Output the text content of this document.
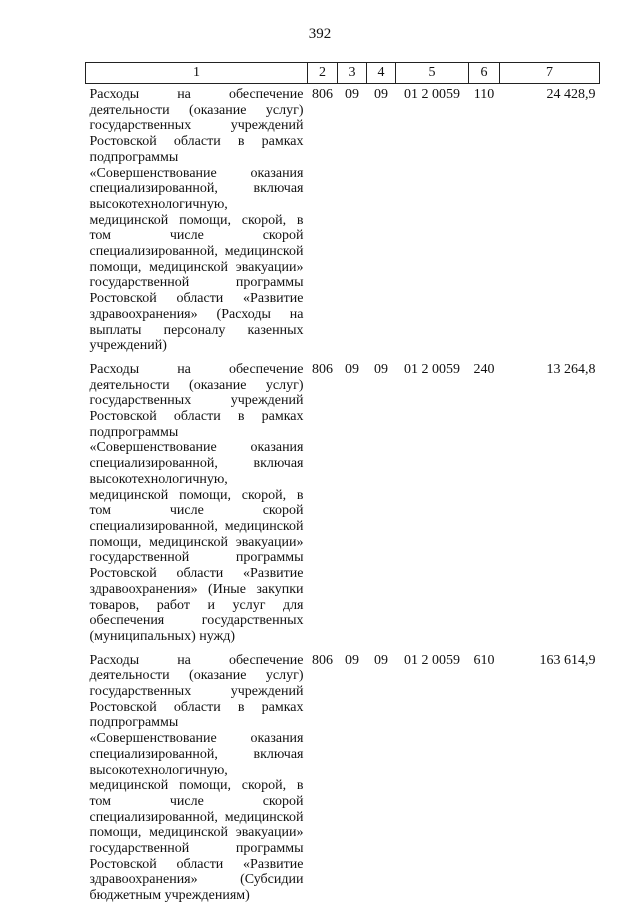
392
1	2	3	4	5	6	7
Расходы на обеспечение деятельности (оказание услуг) государственных учреждений Ростовской области в рамках подпрограммы «Совершенствование оказания специализированной, включая высокотехнологичную, медицинской помощи, скорой, в том числе скорой специализированной, медицинской помощи, медицинской эвакуации» государственной программы Ростовской области «Развитие здравоохранения» (Расходы на выплаты персоналу казенных учреждений)	806	09	09	01 2 0059	110	24 428,9
Расходы на обеспечение деятельности (оказание услуг) государственных учреждений Ростовской области в рамках подпрограммы «Совершенствование оказания специализированной, включая высокотехнологичную, медицинской помощи, скорой, в том числе скорой специализированной, медицинской помощи, медицинской эвакуации» государственной программы Ростовской области «Развитие здравоохранения» (Иные закупки товаров, работ и услуг для обеспечения государственных (муниципальных) нужд)	806	09	09	01 2 0059	240	13 264,8
Расходы на обеспечение деятельности (оказание услуг) государственных учреждений Ростовской области в рамках подпрограммы «Совершенствование оказания специализированной, включая высокотехнологичную, медицинской помощи, скорой, в том числе скорой специализированной, медицинской помощи, медицинской эвакуации» государственной программы Ростовской области «Развитие здравоохранения» (Субсидии бюджетным учреждениям)	806	09	09	01 2 0059	610	163 614,9
